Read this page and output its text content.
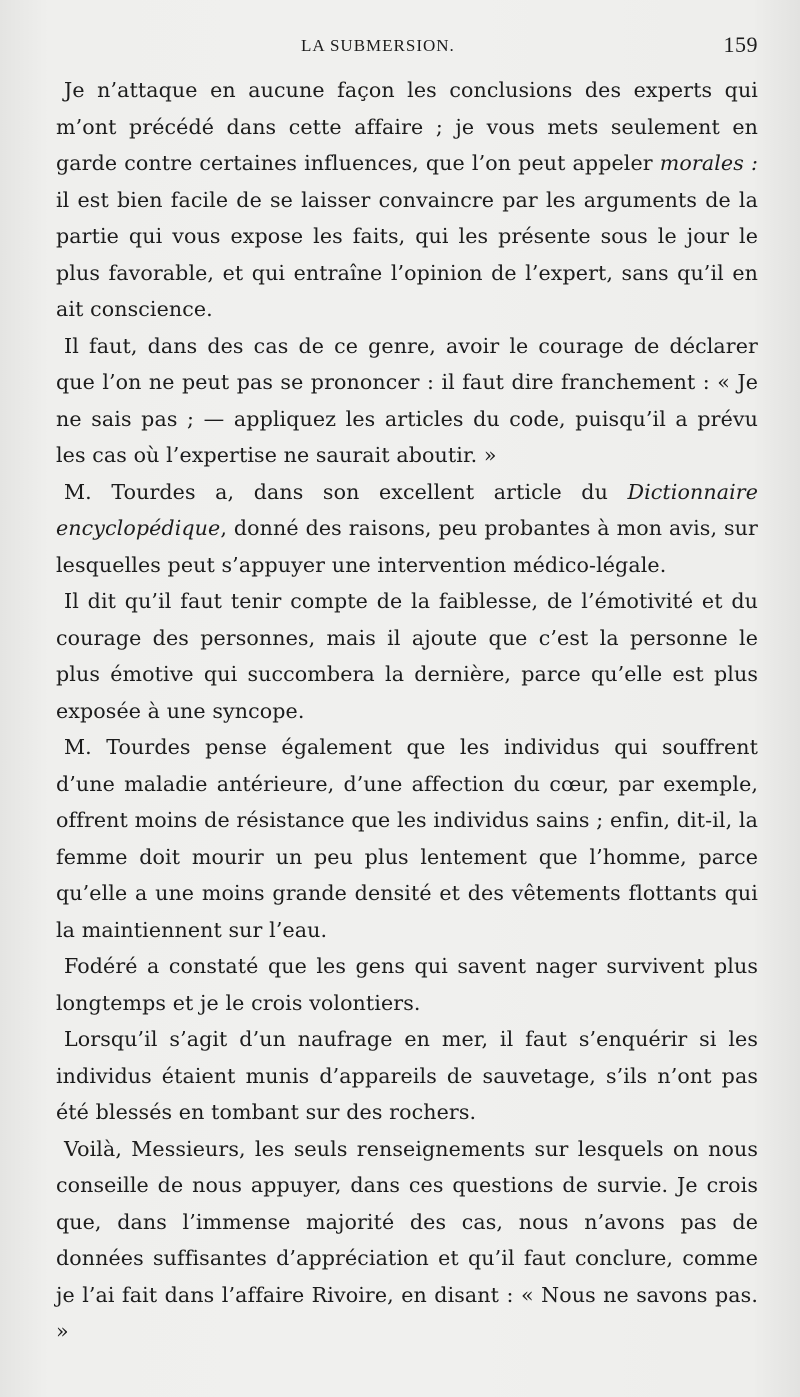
LA SUBMERSION.	159

Je n’attaque en aucune façon les conclusions des experts qui m’ont précédé dans cette affaire ; je vous mets seulement en garde contre certaines influences, que l’on peut appeler morales : il est bien facile de se laisser convaincre par les arguments de la partie qui vous expose les faits, qui les présente sous le jour le plus favorable, et qui entraîne l’opinion de l’expert, sans qu’il en ait conscience.

Il faut, dans des cas de ce genre, avoir le courage de déclarer que l’on ne peut pas se prononcer : il faut dire franchement : « Je ne sais pas ; — appliquez les articles du code, puisqu’il a prévu les cas où l’expertise ne saurait aboutir. »

M. Tourdes a, dans son excellent article du Dictionnaire encyclopédique, donné des raisons, peu probantes à mon avis, sur lesquelles peut s’appuyer une intervention médico-légale.

Il dit qu’il faut tenir compte de la faiblesse, de l’émotivité et du courage des personnes, mais il ajoute que c’est la personne le plus émotive qui succombera la dernière, parce qu’elle est plus exposée à une syncope.

M. Tourdes pense également que les individus qui souffrent d’une maladie antérieure, d’une affection du cœur, par exemple, offrent moins de résistance que les individus sains ; enfin, dit-il, la femme doit mourir un peu plus lentement que l’homme, parce qu’elle a une moins grande densité et des vêtements flottants qui la maintiennent sur l’eau.

Fodéré a constaté que les gens qui savent nager survivent plus longtemps et je le crois volontiers.

Lorsqu’il s’agit d’un naufrage en mer, il faut s’enquérir si les individus étaient munis d’appareils de sauvetage, s’ils n’ont pas été blessés en tombant sur des rochers.

Voilà, Messieurs, les seuls renseignements sur lesquels on nous conseille de nous appuyer, dans ces questions de survie. Je crois que, dans l’immense majorité des cas, nous n’avons pas de données suffisantes d’appréciation et qu’il faut conclure, comme je l’ai fait dans l’affaire Rivoire, en disant : « Nous ne savons pas. »
